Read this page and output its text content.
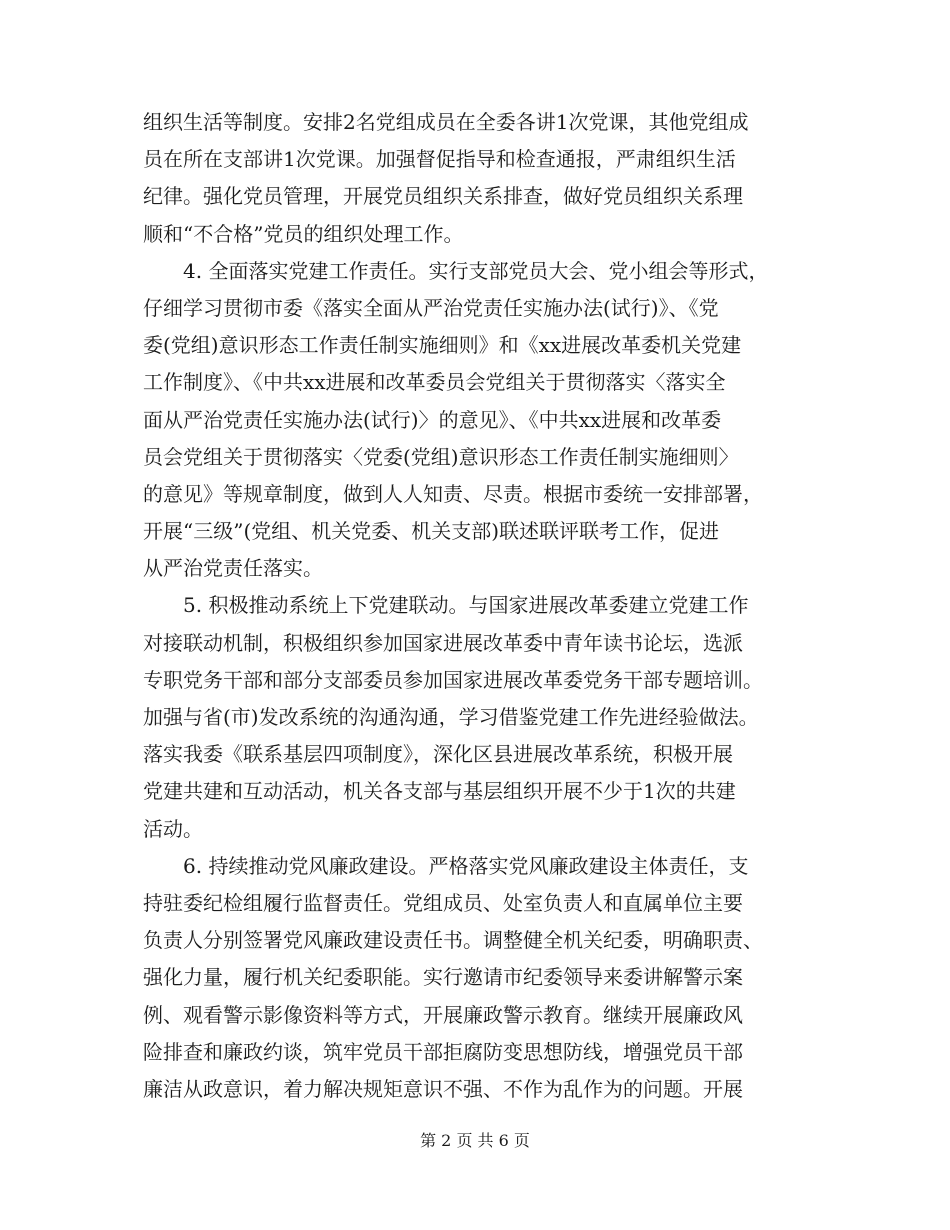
组织生活等制度。安排2名党组成员在全委各讲1次党课，其他党组成
员在所在支部讲1次党课。加强督促指导和检查通报，严肃组织生活
纪律。强化党员管理，开展党员组织关系排查，做好党员组织关系理
顺和“不合格”党员的组织处理工作。
4. 全面落实党建工作责任。实行支部党员大会、党小组会等形式，
仔细学习贯彻市委《落实全面从严治党责任实施办法(试行)》、《党
委(党组)意识形态工作责任制实施细则》和《xx进展改革委机关党建
工作制度》、《中共xx进展和改革委员会党组关于贯彻落实〈落实全
面从严治党责任实施办法(试行)〉的意见》、《中共xx进展和改革委
员会党组关于贯彻落实〈党委(党组)意识形态工作责任制实施细则〉
的意见》等规章制度，做到人人知责、尽责。根据市委统一安排部署，
开展“三级”(党组、机关党委、机关支部)联述联评联考工作，促进
从严治党责任落实。
5. 积极推动系统上下党建联动。与国家进展改革委建立党建工作
对接联动机制，积极组织参加国家进展改革委中青年读书论坛，选派
专职党务干部和部分支部委员参加国家进展改革委党务干部专题培训。
加强与省(市)发改系统的沟通沟通，学习借鉴党建工作先进经验做法。
落实我委《联系基层四项制度》，深化区县进展改革系统，积极开展
党建共建和互动活动，机关各支部与基层组织开展不少于1次的共建
活动。
6. 持续推动党风廉政建设。严格落实党风廉政建设主体责任，支
持驻委纪检组履行监督责任。党组成员、处室负责人和直属单位主要
负责人分别签署党风廉政建设责任书。调整健全机关纪委，明确职责、
强化力量，履行机关纪委职能。实行邀请市纪委领导来委讲解警示案
例、观看警示影像资料等方式，开展廉政警示教育。继续开展廉政风
险排查和廉政约谈，筑牢党员干部拒腐防变思想防线，增强党员干部
廉洁从政意识，着力解决规矩意识不强、不作为乱作为的问题。开展
第 2 页 共 6 页
